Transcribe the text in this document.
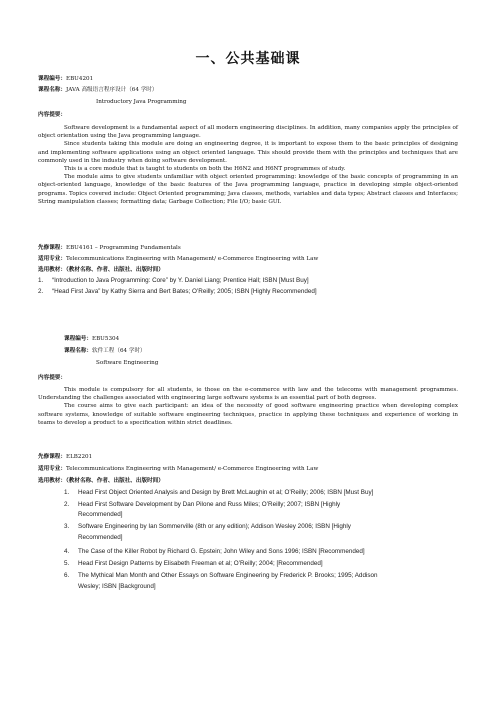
一、公共基础课
课程编号：EBU4201
课程名称：JAVA 高级语言程序设计（64 学时）
Introductory Java Programming
内容提要：

Software development is a fundamental aspect of all modern engineering disciplines. In addition, many companies apply the principles of object orientation using the Java programming language.

Since students taking this module are doing an engineering degree, it is important to expose them to the basic principles of designing and implementing software applications using an object oriented language. This should provide them with the principles and techniques that are commonly used in the industry when doing software development.

This is a core module that is taught to students on both the H6N2 and H6NT programmes of study.

The module aims to give students unfamiliar with object oriented programming: knowledge of the basic concepts of programming in an object-oriented language, knowledge of the basic features of the Java programming language, practice in developing simple object-oriented programs. Topics covered include: Object Oriented programming; Java classes, methods, variables and data types; Abstract classes and Interfaces; String manipulation classes; formatting data; Garbage Collection; File I/O; basic GUI.

先修课程：EBU4161 – Programming Fundamentals
适用专业：Telecommunications Engineering with Management/ e-Commerce Engineering with Law
选用教材：（教材名称、作者、出版社、出版时间）
1. “Introduction to Java Programming: Core” by Y. Daniel Liang; Prentice Hall; ISBN [Must Buy]
2. “Head First Java” by Kathy Sierra and Bert Bates; O’Reilly; 2005; ISBN [Highly Recommended]
课程编号：EBU5304
课程名称：软件工程（64 学时）
Software Engineering
内容提要：

This module is compulsory for all students, ie those on the e-commerce with law and the telecoms with management programmes. Understanding the challenges associated with engineering large software systems is an essential part of both degrees.

The course aims to give each participant: an idea of the necessity of good software engineering practice when developing complex software systems, knowledge of suitable software engineering techniques, practice in applying these techniques and experience of working in teams to develop a product to a specification within strict deadlines.

先修课程：ELB2201
适用专业：Telecommunications Engineering with Management/ e-Commerce Engineering with Law
选用教材：（教材名称、作者、出版社、出版时间）
1. Head First Object Oriented Analysis and Design by Brett McLaughin et al; O’Reilly; 2006; ISBN [Must Buy]
2. Head First Software Development by Dan Pilone and Russ Miles; O’Reilly; 2007; ISBN [Highly
Recommended]
3. Software Engineering by Ian Sommerville (8th or any edition); Addison Wesley 2006; ISBN [Highly
Recommended]
4. The Case of the Killer Robot by Richard G. Epstein; John Wiley and Sons 1996; ISBN [Recommended]
5. Head First Design Patterns by Elisabeth Freeman et al; O’Reilly; 2004; [Recommended]
6. The Mythical Man Month and Other Essays on Software Engineering by Frederick P. Brooks; 1995; Addison
Wesley; ISBN [Background]
